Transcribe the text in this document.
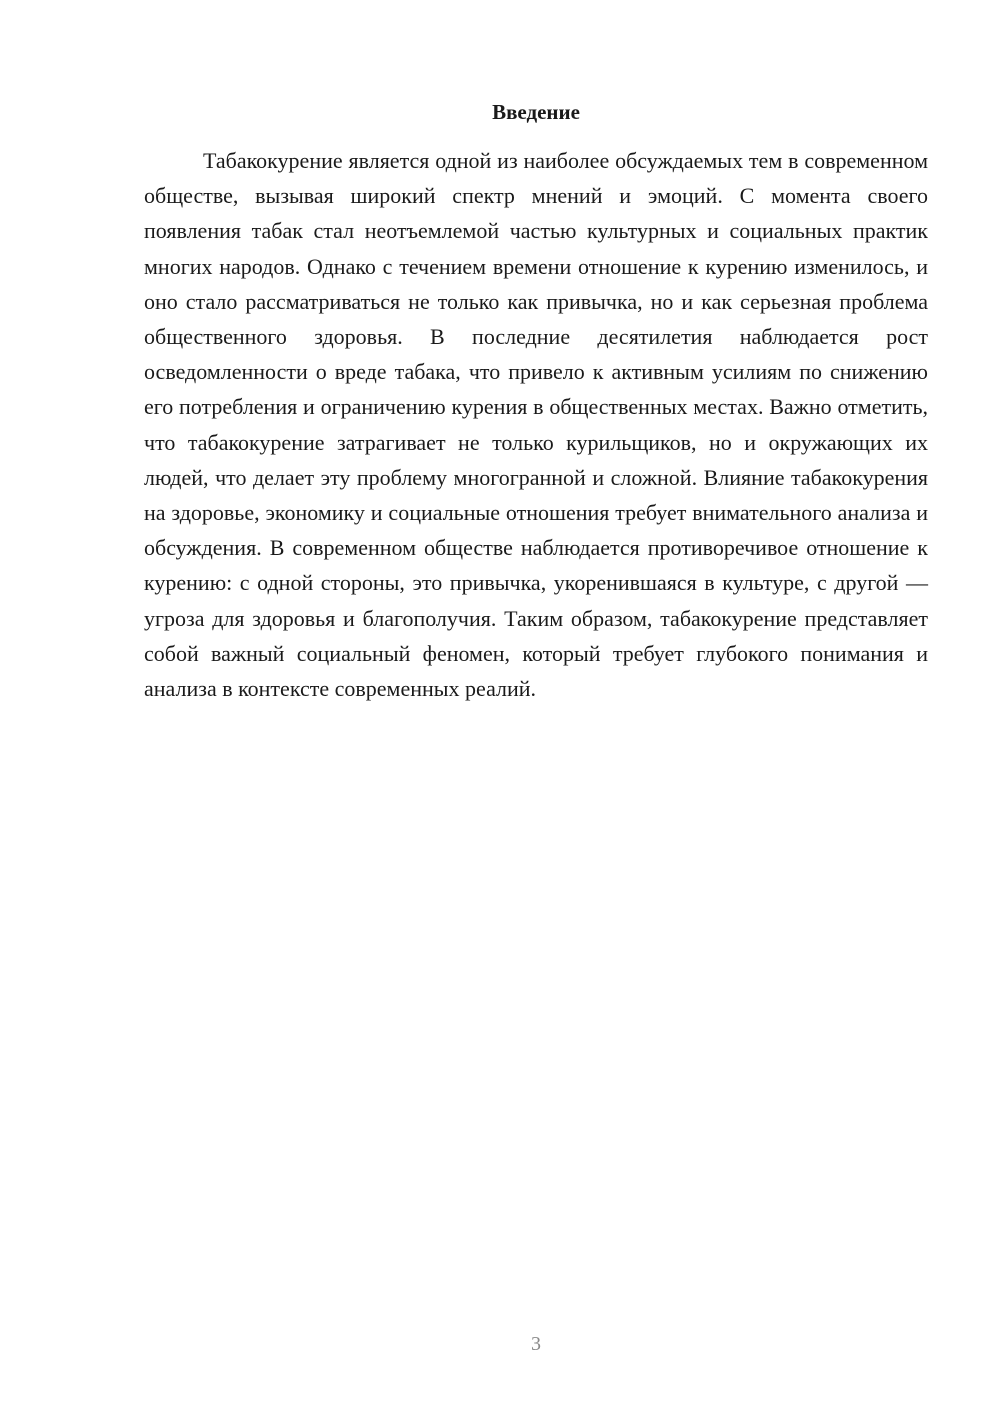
Введение

Табакокурение является одной из наиболее обсуждаемых тем в современном обществе, вызывая широкий спектр мнений и эмоций. С момента своего появления табак стал неотъемлемой частью культурных и социальных практик многих народов. Однако с течением времени отношение к курению изменилось, и оно стало рассматриваться не только как привычка, но и как серьезная проблема общественного здоровья. В последние десятилетия наблюдается рост осведомленности о вреде табака, что привело к активным усилиям по снижению его потребления и ограничению курения в общественных местах. Важно отметить, что табакокурение затрагивает не только курильщиков, но и окружающих их людей, что делает эту проблему многогранной и сложной. Влияние табакокурения на здоровье, экономику и социальные отношения требует внимательного анализа и обсуждения. В современном обществе наблюдается противоречивое отношение к курению: с одной стороны, это привычка, укоренившаяся в культуре, с другой — угроза для здоровья и благополучия. Таким образом, табакокурение представляет собой важный социальный феномен, который требует глубокого понимания и анализа в контексте современных реалий.

3
